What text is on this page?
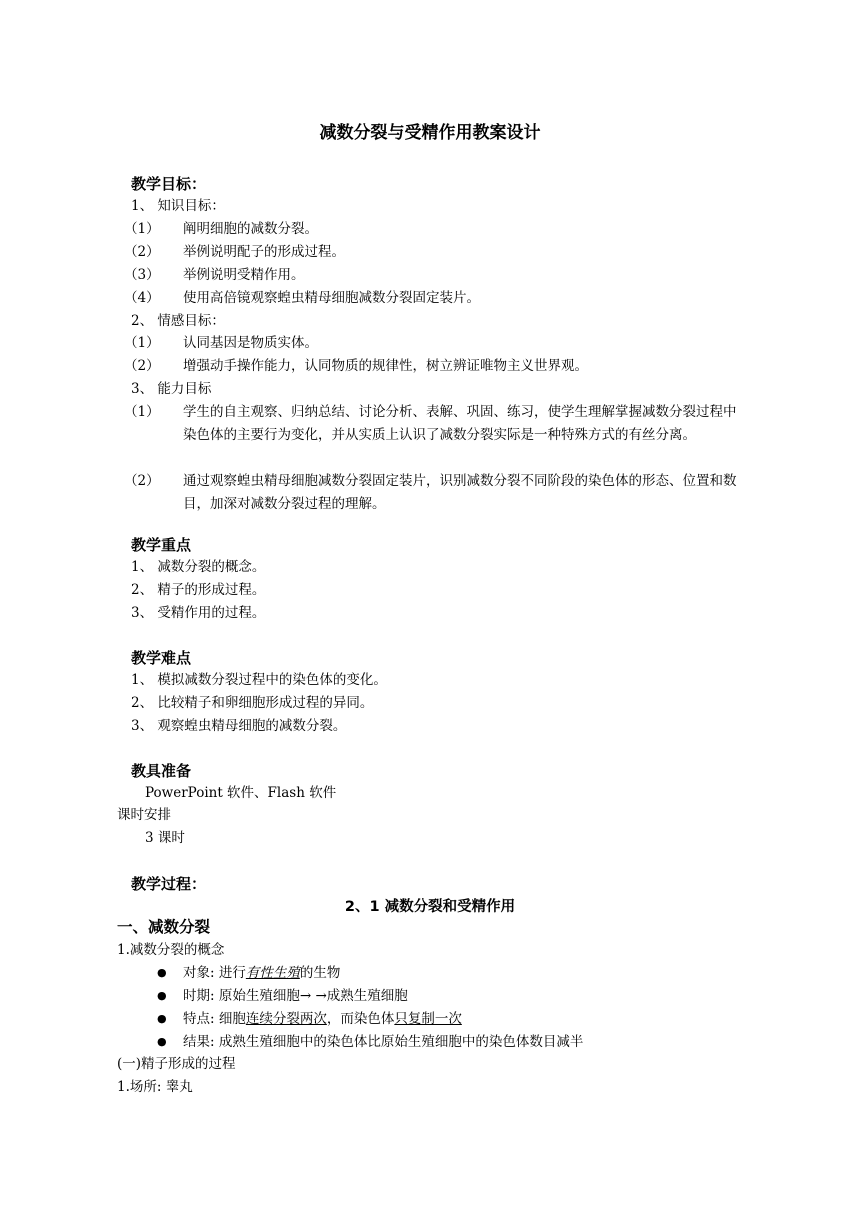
减数分裂与受精作用教案设计
教学目标：
1、 知识目标：
（1） 阐明细胞的减数分裂。
（2） 举例说明配子的形成过程。
（3） 举例说明受精作用。
（4） 使用高倍镜观察蝗虫精母细胞减数分裂固定装片。
2、 情感目标：
（1） 认同基因是物质实体。
（2） 增强动手操作能力，认同物质的规律性，树立辨证唯物主义世界观。
3、 能力目标
（1） 学生的自主观察、归纳总结、讨论分析、表解、巩固、练习，使学生理解掌握减数分裂过程中染色体的主要行为变化，并从实质上认识了减数分裂实际是一种特殊方式的有丝分离。
（2） 通过观察蝗虫精母细胞减数分裂固定装片，识别减数分裂不同阶段的染色体的形态、位置和数目，加深对减数分裂过程的理解。
教学重点
1、 减数分裂的概念。
2、 精子的形成过程。
3、 受精作用的过程。
教学难点
1、 模拟减数分裂过程中的染色体的变化。
2、 比较精子和卵细胞形成过程的异同。
3、 观察蝗虫精母细胞的减数分裂。
教具准备
PowerPoint 软件、Flash 软件
课时安排
3 课时
教学过程：
2、1 减数分裂和受精作用
一、减数分裂
1.减数分裂的概念
● 对象: 进行有性生殖的生物
● 时期: 原始生殖细胞→ →成熟生殖细胞
● 特点: 细胞连续分裂两次，而染色体只复制一次
● 结果: 成熟生殖细胞中的染色体比原始生殖细胞中的染色体数目减半
(一)精子形成的过程
1.场所: 睾丸
